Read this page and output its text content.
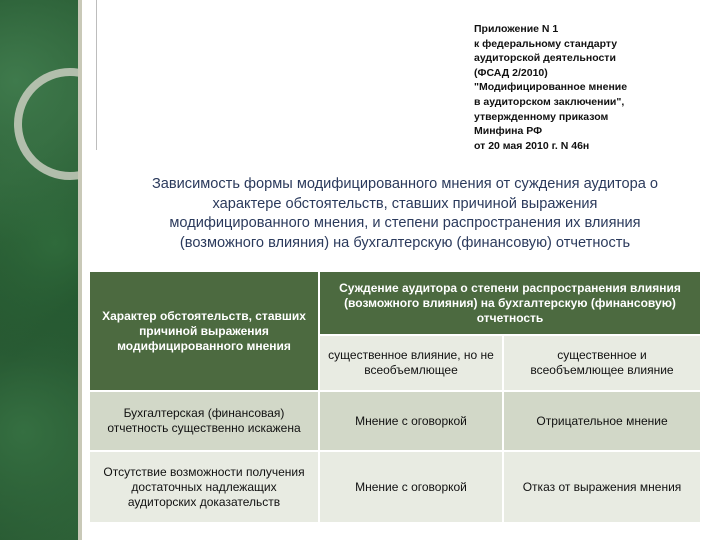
Приложение N 1
к федеральному стандарту
аудиторской деятельности
(ФСАД 2/2010)
"Модифицированное мнение
в аудиторском заключении",
утвержденному приказом
Минфина РФ
от 20 мая 2010 г. N 46н
Зависимость формы модифицированного мнения от суждения аудитора о
характере обстоятельств, ставших причиной выражения
модифицированного мнения, и степени распространения их влияния
(возможного влияния) на бухгалтерскую (финансовую) отчетность
Характер обстоятельств, ставших причиной выражения модифицированного мнения	Суждение аудитора о степени распространения влияния (возможного влияния) на бухгалтерскую (финансовую) отчетность	
	существенное влияние, но не всеобъемлющее	существенное и всеобъемлющее влияние
Бухгалтерская (финансовая) отчетность существенно искажена	Мнение с оговоркой	Отрицательное мнение
Отсутствие возможности получения достаточных надлежащих аудиторских доказательств	Мнение с оговоркой	Отказ от выражения мнения
